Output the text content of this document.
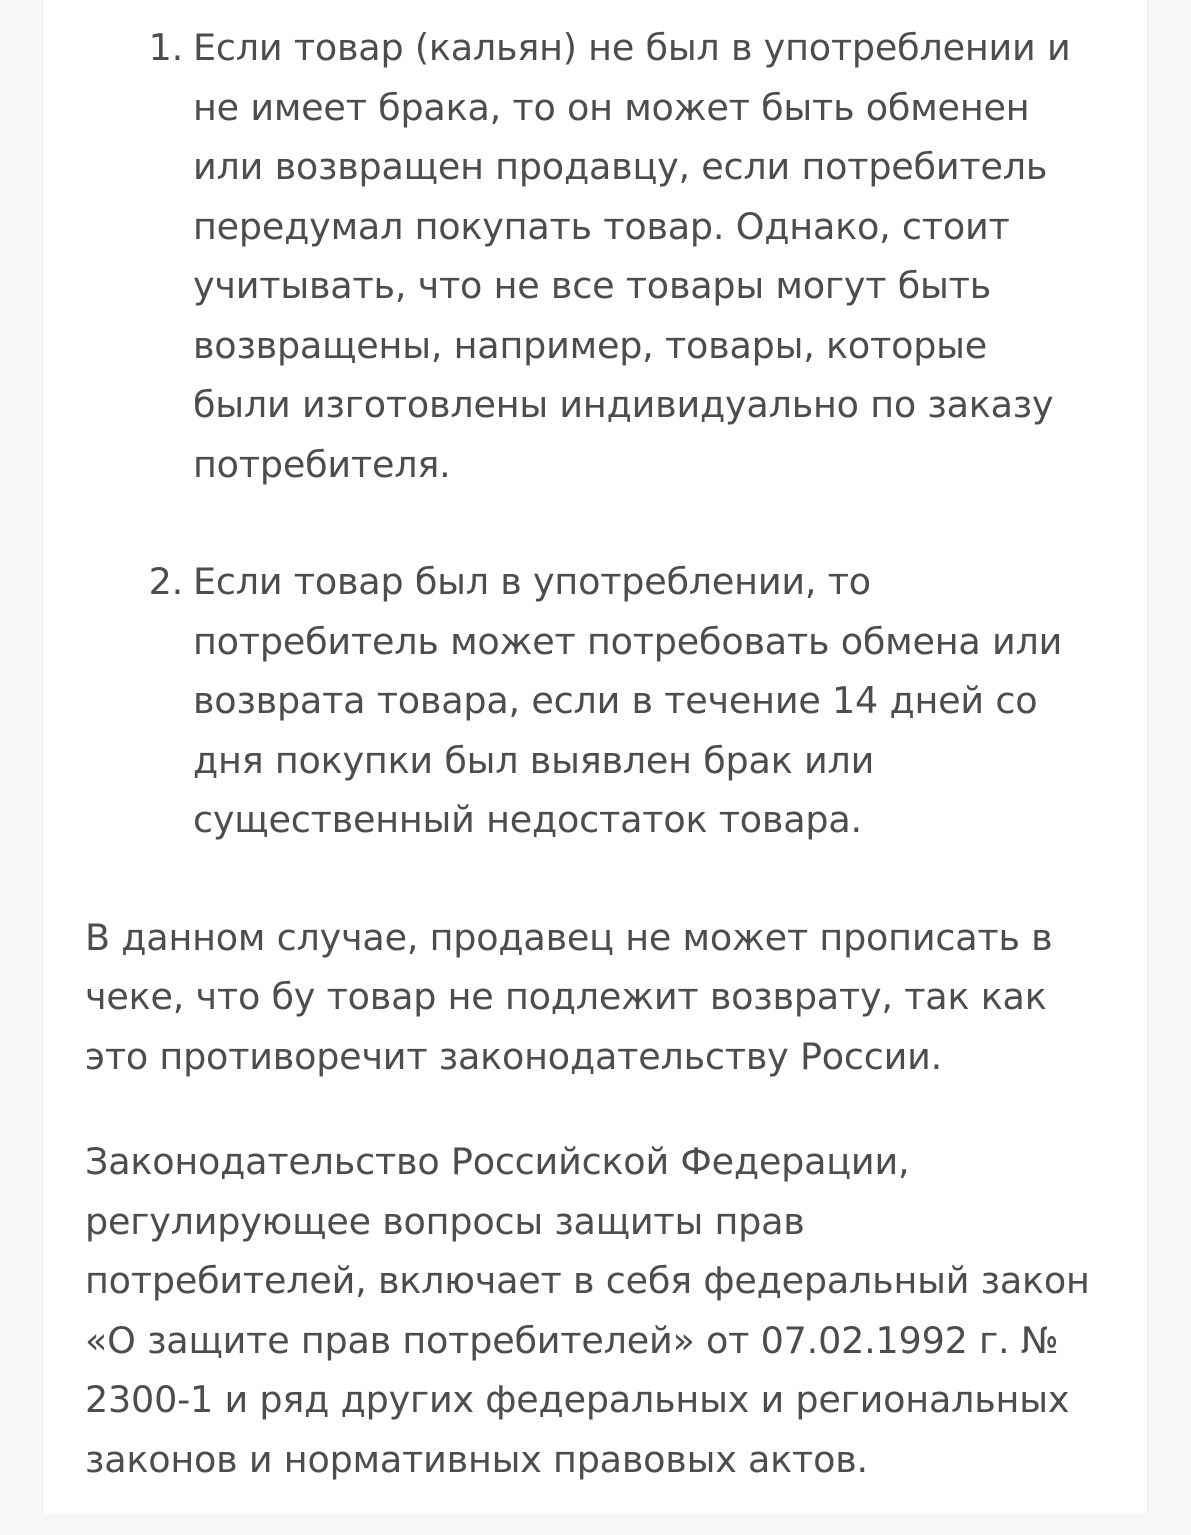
1. Если товар (кальян) не был в употреблении и не имеет брака, то он может быть обменен или возвращен продавцу, если потребитель передумал покупать товар. Однако, стоит учитывать, что не все товары могут быть возвращены, например, товары, которые были изготовлены индивидуально по заказу потребителя.
2. Если товар был в употреблении, то потребитель может потребовать обмена или возврата товара, если в течение 14 дней со дня покупки был выявлен брак или существенный недостаток товара.

В данном случае, продавец не может прописать в чеке, что бу товар не подлежит возврату, так как это противоречит законодательству России.

Законодательство Российской Федерации, регулирующее вопросы защиты прав потребителей, включает в себя федеральный закон «О защите прав потребителей» от 07.02.1992 г. № 2300-1 и ряд других федеральных и региональных законов и нормативных правовых актов.
